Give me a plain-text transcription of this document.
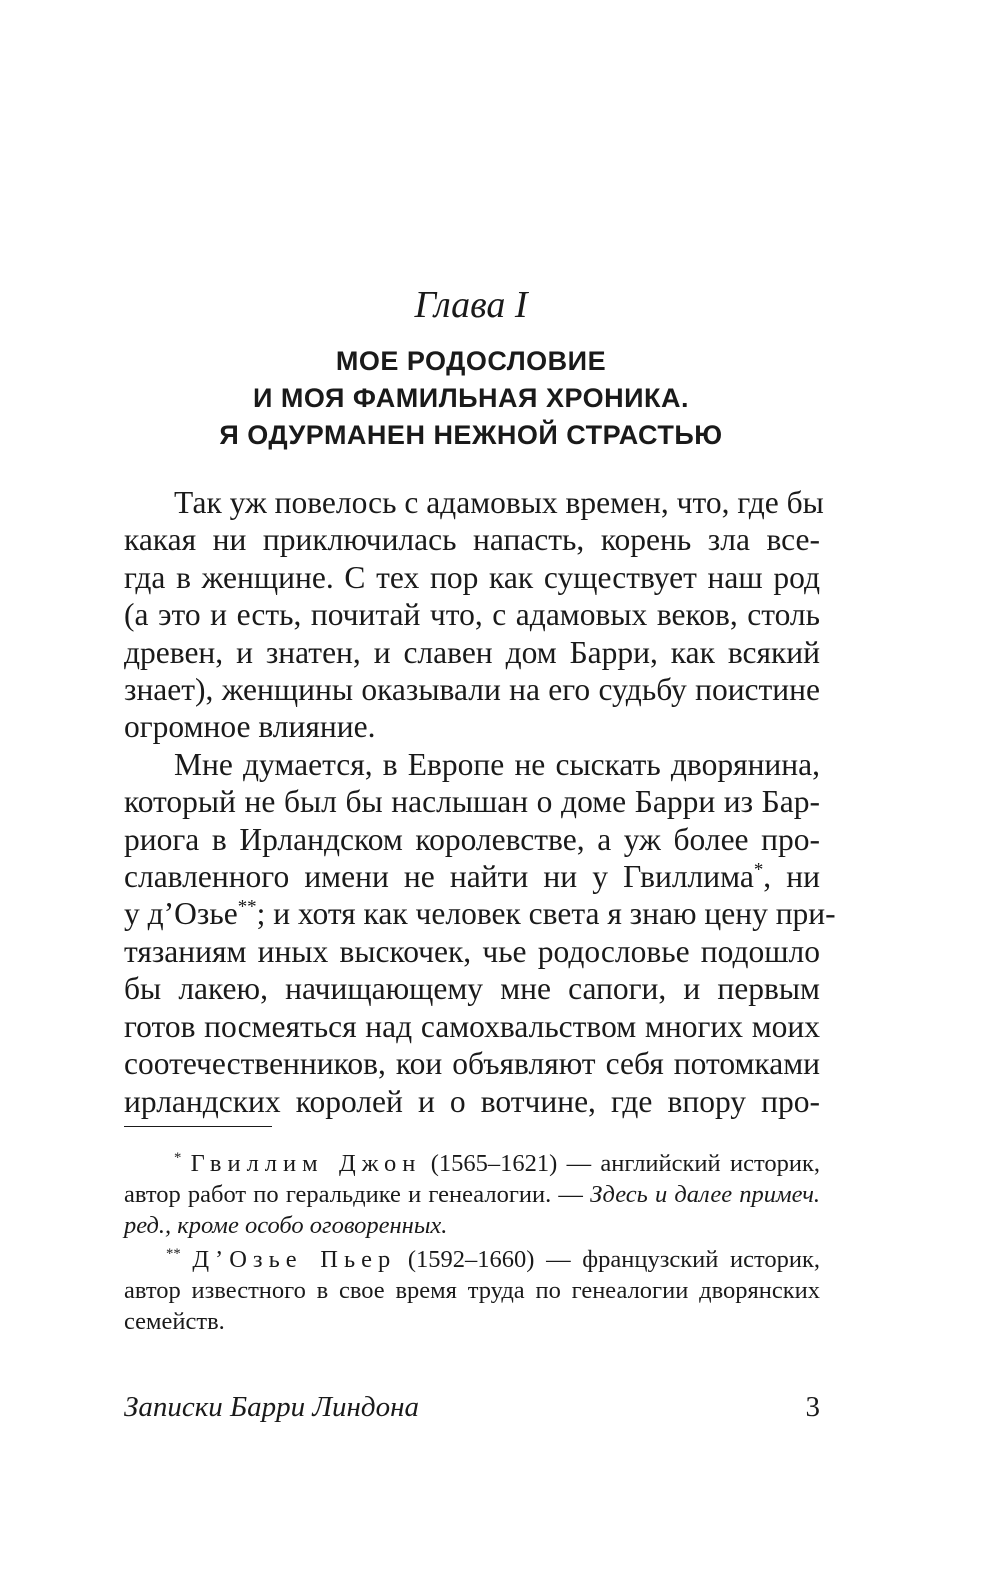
Глава I
МОЕ РОДОСЛОВИЕ
И МОЯ ФАМИЛЬНАЯ ХРОНИКА.
Я ОДУРМАНЕН НЕЖНОЙ СТРАСТЬЮ
Так уж повелось с адамовых времен, что, где бы
какая ни приключилась напасть, корень зла все-
гда в женщине. С тех пор как существует наш род
(а это и есть, почитай что, с адамовых веков, столь
древен, и знатен, и славен дом Барри, как всякий
знает), женщины оказывали на его судьбу поистине
огромное влияние.
Мне думается, в Европе не сыскать дворянина,
который не был бы наслышан о доме Барри из Бар-
риога в Ирландском королевстве, а уж более про-
славленного имени не найти ни у Гвиллима*, ни
у д’Озье**; и хотя как человек света я знаю цену при-
тязаниям иных выскочек, чье родословье подошло
бы лакею, начищающему мне сапоги, и первым
готов посмеяться над самохвальством многих моих
соотечественников, кои объявляют себя потомками
ирландских королей и о вотчине, где впору про-
* Гвиллим Джон (1565–1621) — английский историк, автор работ по геральдике и генеалогии. — Здесь и далее примеч. ред., кроме особо оговоренных.
** Д’Озье Пьер (1592–1660) — французский историк, автор известного в свое время труда по генеалогии дворянских семейств.
Записки Барри Линдона	3
